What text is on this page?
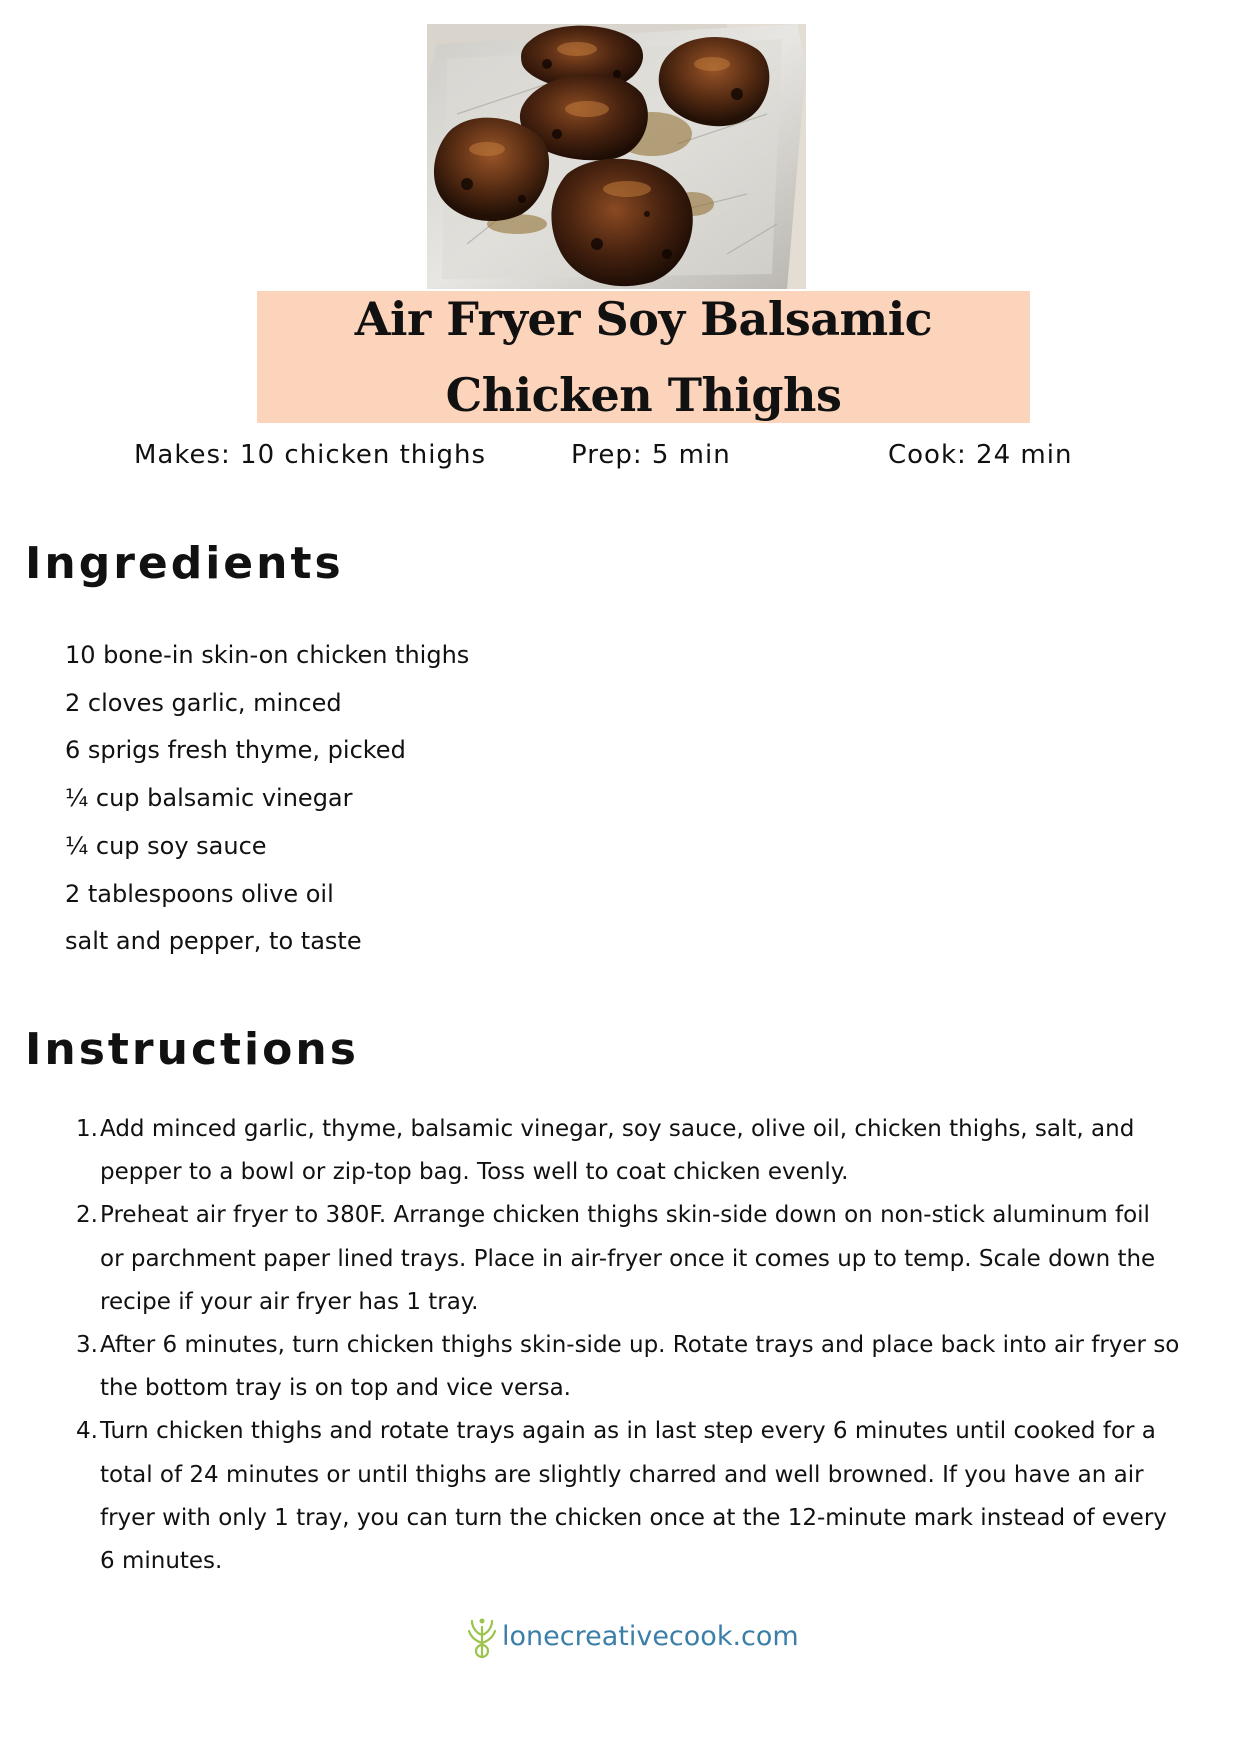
Air Fryer Soy Balsamic
Chicken Thighs
Makes: 10 chicken thighs	Prep: 5 min	Cook: 24 min
Ingredients
10 bone-in skin-on chicken thighs
2 cloves garlic, minced
6 sprigs fresh thyme, picked
¼ cup balsamic vinegar
¼ cup soy sauce
2 tablespoons olive oil
salt and pepper, to taste
Instructions
1. Add minced garlic, thyme, balsamic vinegar, soy sauce, olive oil, chicken thighs, salt, and pepper to a bowl or zip-top bag. Toss well to coat chicken evenly.
2. Preheat air fryer to 380F. Arrange chicken thighs skin-side down on non-stick aluminum foil or parchment paper lined trays. Place in air-fryer once it comes up to temp. Scale down the recipe if your air fryer has 1 tray.
3. After 6 minutes, turn chicken thighs skin-side up. Rotate trays and place back into air fryer so the bottom tray is on top and vice versa.
4. Turn chicken thighs and rotate trays again as in last step every 6 minutes until cooked for a total of 24 minutes or until thighs are slightly charred and well browned. If you have an air fryer with only 1 tray, you can turn the chicken once at the 12-minute mark instead of every 6 minutes.
lonecreativecook.com
